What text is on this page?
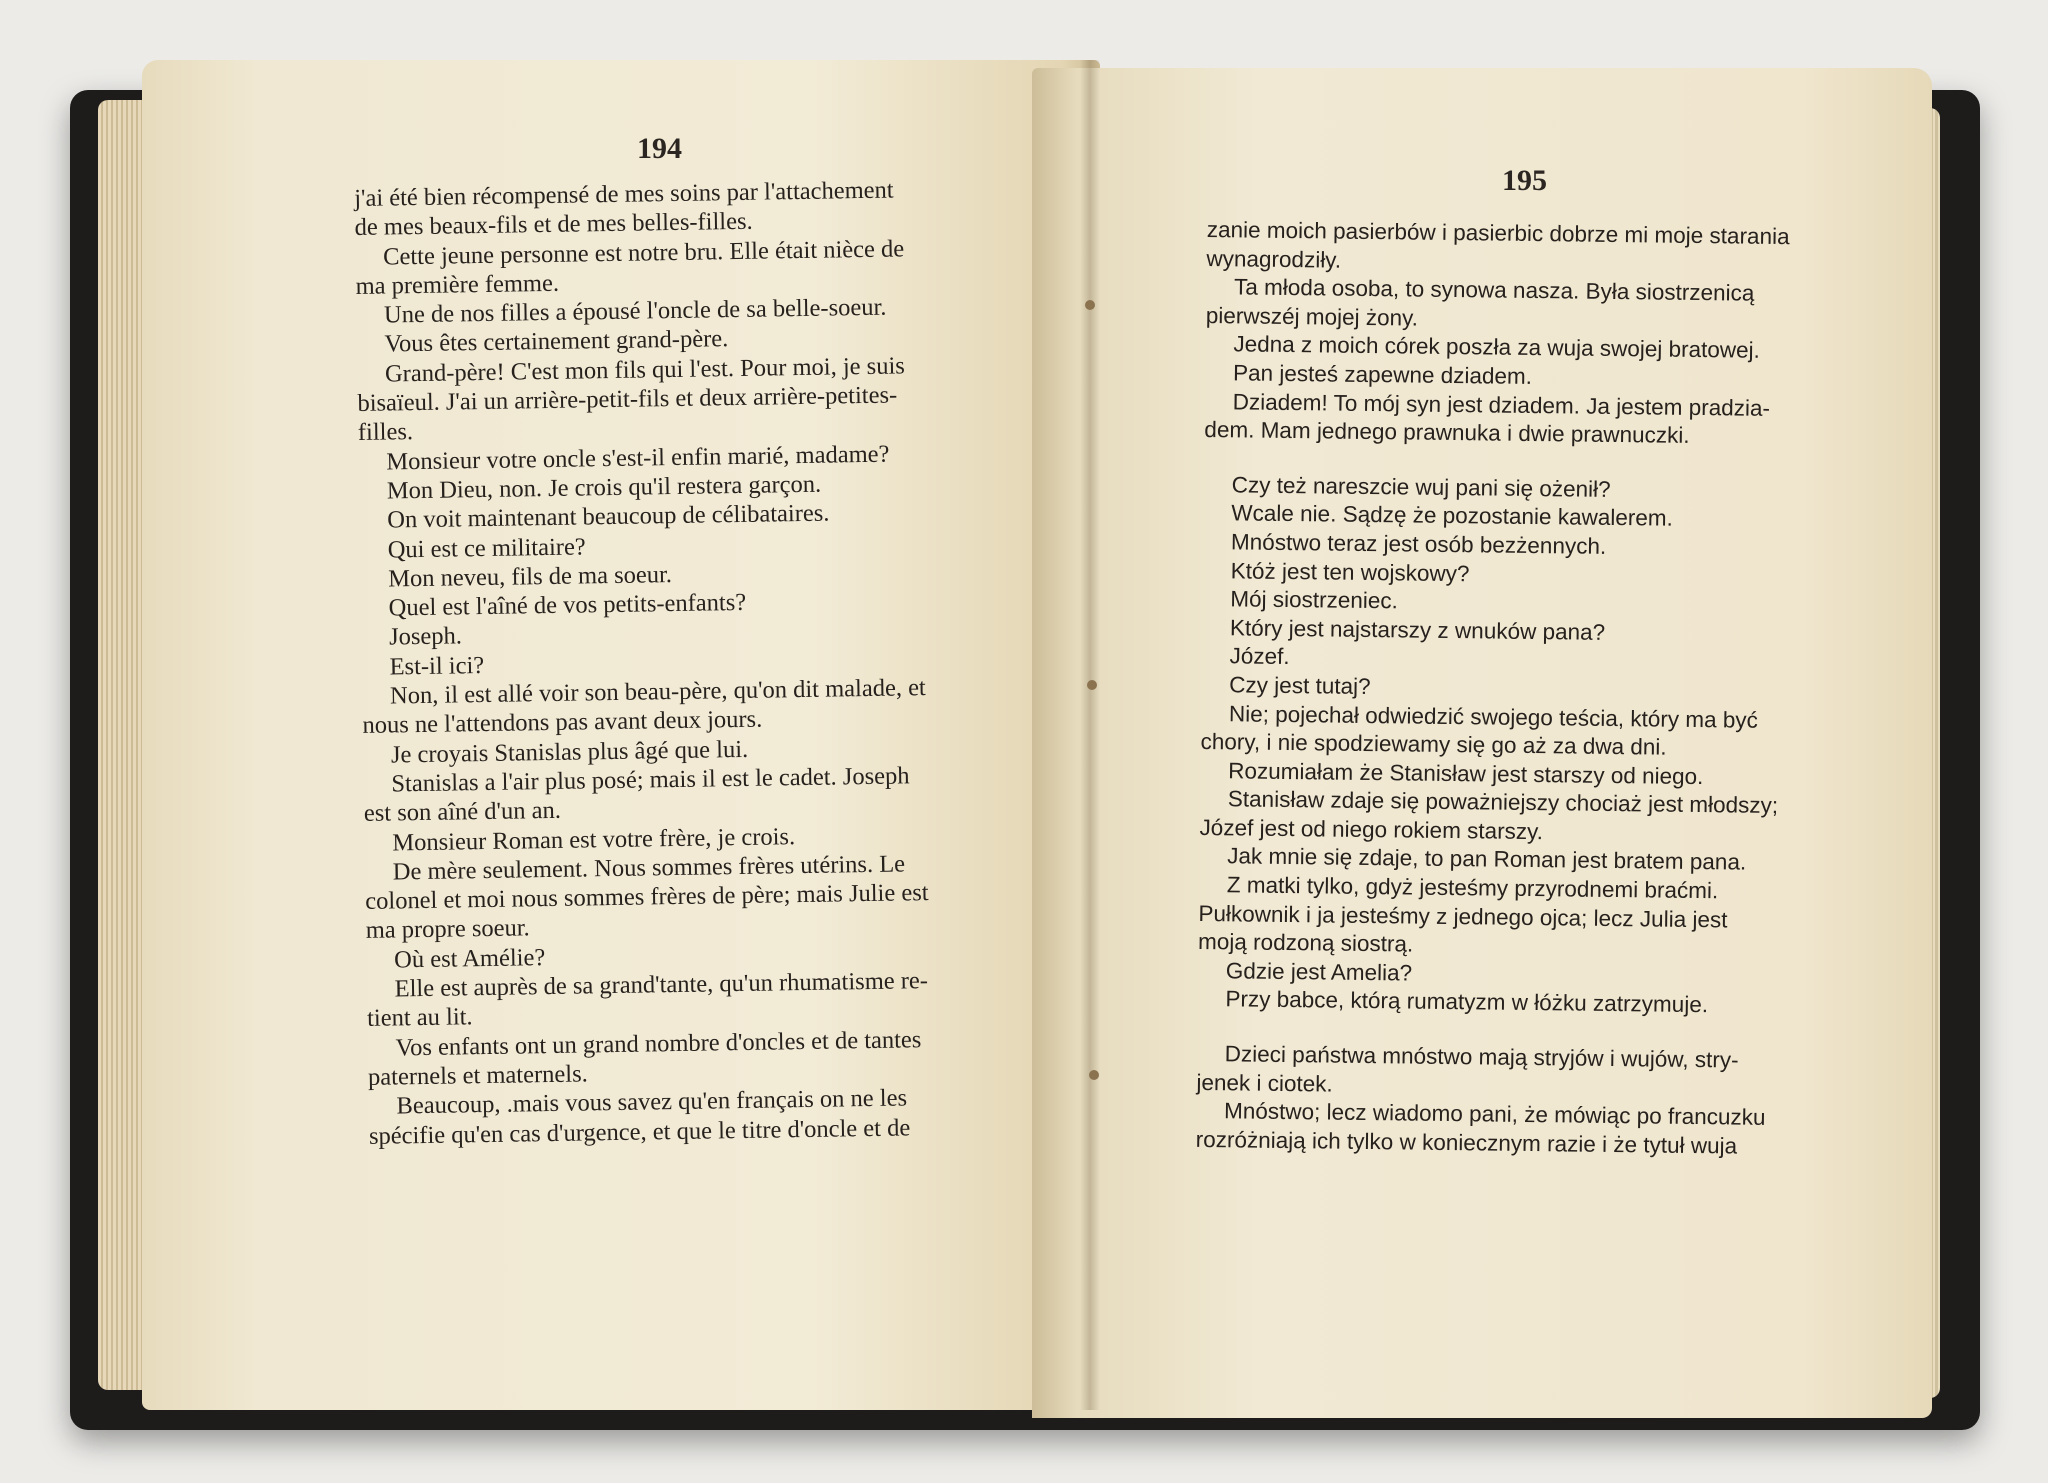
194
j'ai été bien récompensé de mes soins par l'attachement
de mes beaux-fils et de mes belles-filles.
Cette jeune personne est notre bru. Elle était nièce de
ma première femme.
Une de nos filles a épousé l'oncle de sa belle-soeur.
Vous êtes certainement grand-père.
Grand-père! C'est mon fils qui l'est. Pour moi, je suis
bisaïeul. J'ai un arrière-petit-fils et deux arrière-petites-
filles.
Monsieur votre oncle s'est-il enfin marié, madame?
Mon Dieu, non. Je crois qu'il restera garçon.
On voit maintenant beaucoup de célibataires.
Qui est ce militaire?
Mon neveu, fils de ma soeur.
Quel est l'aîné de vos petits-enfants?
Joseph.
Est-il ici?
Non, il est allé voir son beau-père, qu'on dit malade, et
nous ne l'attendons pas avant deux jours.
Je croyais Stanislas plus âgé que lui.
Stanislas a l'air plus posé; mais il est le cadet. Joseph
est son aîné d'un an.
Monsieur Roman est votre frère, je crois.
De mère seulement. Nous sommes frères utérins. Le
colonel et moi nous sommes frères de père; mais Julie est
ma propre soeur.
Où est Amélie?
Elle est auprès de sa grand'tante, qu'un rhumatisme re-
tient au lit.
Vos enfants ont un grand nombre d'oncles et de tantes
paternels et maternels.
Beaucoup, .mais vous savez qu'en français on ne les
spécifie qu'en cas d'urgence, et que le titre d'oncle et de
195
zanie moich pasierbów i pasierbic dobrze mi moje starania
wynagrodziły.
Ta młoda osoba, to synowa nasza. Była siostrzenicą
pierwszéj mojej żony.
Jedna z moich córek poszła za wuja swojej bratowej.
Pan jesteś zapewne dziadem.
Dziadem! To mój syn jest dziadem. Ja jestem pradzia-
dem. Mam jednego prawnuka i dwie prawnuczki.
Czy też nareszcie wuj pani się ożenił?
Wcale nie. Sądzę że pozostanie kawalerem.
Mnóstwo teraz jest osób bezżennych.
Któż jest ten wojskowy?
Mój siostrzeniec.
Który jest najstarszy z wnuków pana?
Józef.
Czy jest tutaj?
Nie; pojechał odwiedzić swojego teścia, który ma być
chory, i nie spodziewamy się go aż za dwa dni.
Rozumiałam że Stanisław jest starszy od niego.
Stanisław zdaje się poważniejszy chociaż jest młodszy;
Józef jest od niego rokiem starszy.
Jak mnie się zdaje, to pan Roman jest bratem pana.
Z matki tylko, gdyż jesteśmy przyrodnemi braćmi.
Pułkownik i ja jesteśmy z jednego ojca; lecz Julia jest
moją rodzoną siostrą.
Gdzie jest Amelia?
Przy babce, którą rumatyzm w łóżku zatrzymuje.
Dzieci państwa mnóstwo mają stryjów i wujów, stry-
jenek i ciotek.
Mnóstwo; lecz wiadomo pani, że mówiąc po francuzku
rozróżniają ich tylko w koniecznym razie i że tytuł wuja
